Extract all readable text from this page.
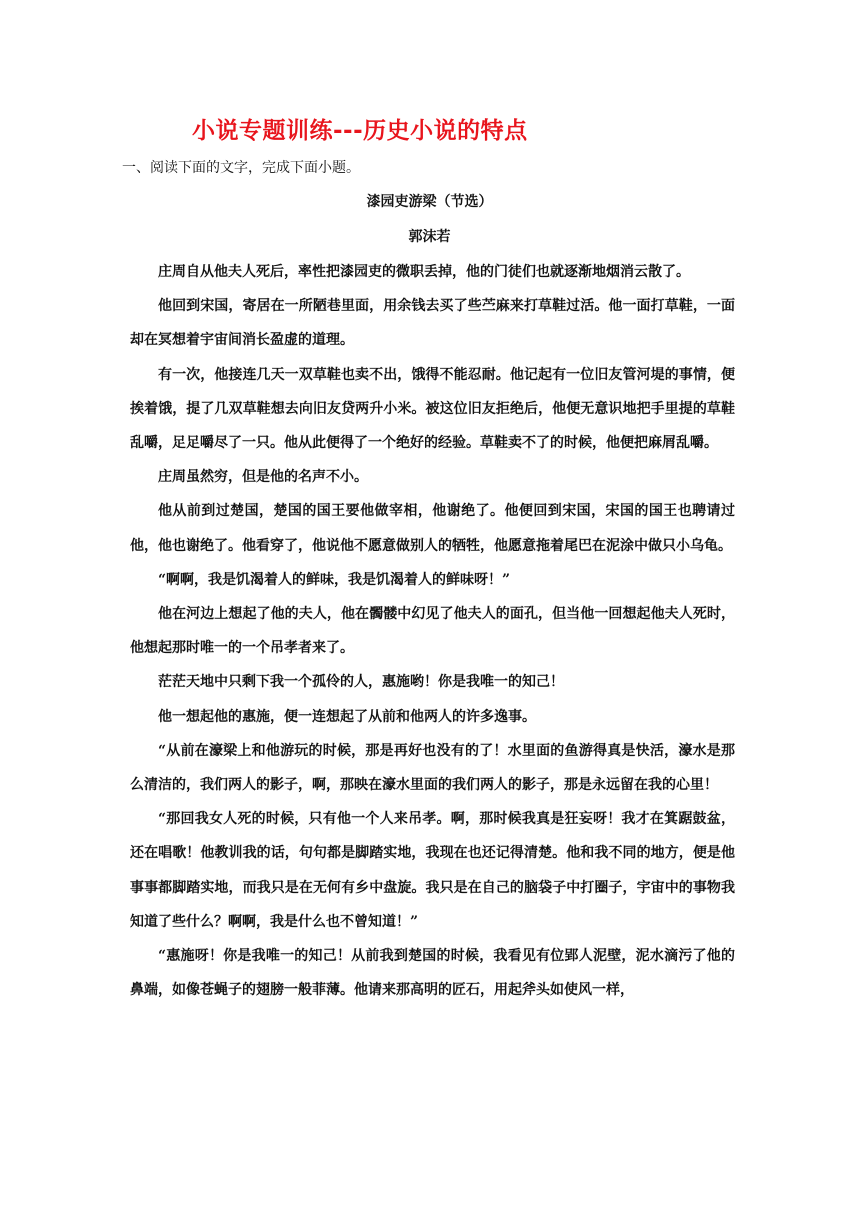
小说专题训练---历史小说的特点
一、阅读下面的文字，完成下面小题。
漆园吏游梁（节选）
郭沫若

庄周自从他夫人死后，率性把漆园吏的微职丢掉，他的门徒们也就逐渐地烟消云散了。

他回到宋国，寄居在一所陋巷里面，用余钱去买了些苎麻来打草鞋过活。他一面打草鞋，一面却在冥想着宇宙间消长盈虚的道理。

有一次，他接连几天一双草鞋也卖不出，饿得不能忍耐。他记起有一位旧友管河堤的事情，便挨着饿，提了几双草鞋想去向旧友贷两升小米。被这位旧友拒绝后，他便无意识地把手里提的草鞋乱嚼，足足嚼尽了一只。他从此便得了一个绝好的经验。草鞋卖不了的时候，他便把麻屑乱嚼。

庄周虽然穷，但是他的名声不小。

他从前到过楚国，楚国的国王要他做宰相，他谢绝了。他便回到宋国，宋国的国王也聘请过他，他也谢绝了。他看穿了，他说他不愿意做别人的牺牲，他愿意拖着尾巴在泥涂中做只小乌龟。

“啊啊，我是饥渴着人的鲜味，我是饥渴着人的鲜味呀！”

他在河边上想起了他的夫人，他在髑髅中幻见了他夫人的面孔，但当他一回想起他夫人死时，他想起那时唯一的一个吊孝者来了。

茫茫天地中只剩下我一个孤伶的人，惠施哟！你是我唯一的知己！

他一想起他的惠施，便一连想起了从前和他两人的许多逸事。

“从前在濠梁上和他游玩的时候，那是再好也没有的了！水里面的鱼游得真是快活，濠水是那么清洁的，我们两人的影子，啊，那映在濠水里面的我们两人的影子，那是永远留在我的心里！

“那回我女人死的时候，只有他一个人来吊孝。啊，那时候我真是狂妄呀！我才在箕踞鼓盆，还在唱歌！他教训我的话，句句都是脚踏实地，我现在也还记得清楚。他和我不同的地方，便是他事事都脚踏实地，而我只是在无何有乡中盘旋。我只是在自己的脑袋子中打圈子，宇宙中的事物我知道了些什么？啊啊，我是什么也不曾知道！”

“惠施呀！你是我唯一的知己！从前我到楚国的时候，我看见有位郢人泥壁，泥水滴污了他的鼻端，如像苍蝇子的翅膀一般菲薄。他请来那高明的匠石，用起斧头如使风一样，
